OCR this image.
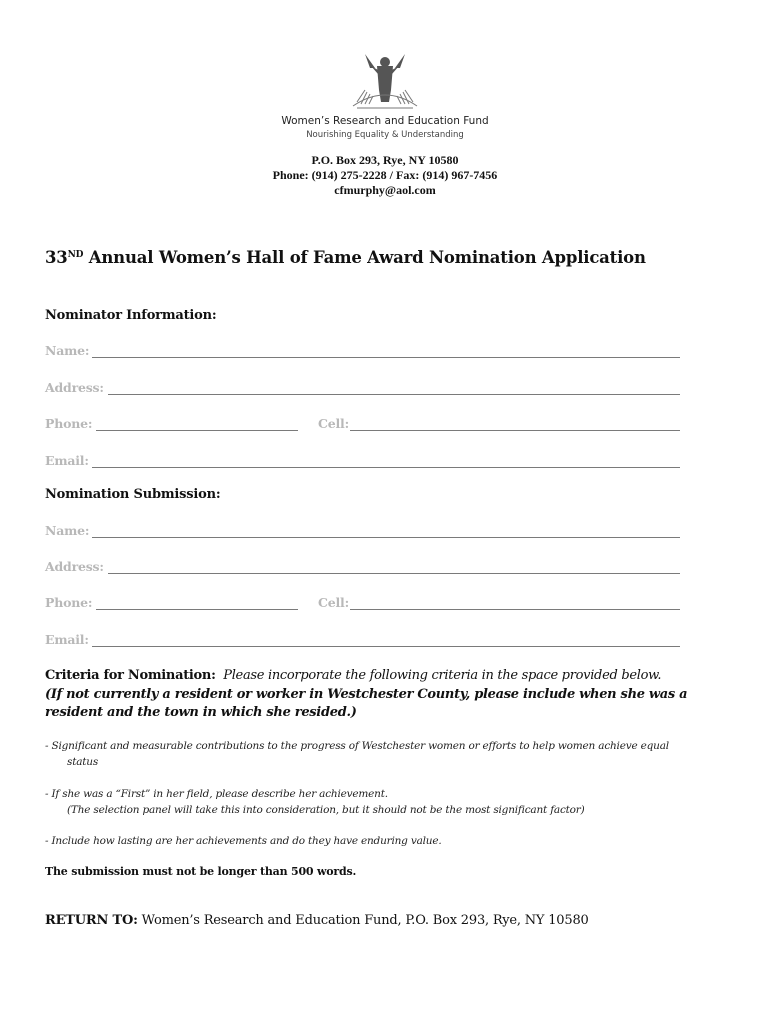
Women’s Research and Education Fund
Nourishing Equality & Understanding
P.O. Box 293, Rye, NY 10580
Phone: (914) 275-2228 / Fax: (914) 967-7456
cfmurphy@aol.com
33ND Annual Women’s Hall of Fame Award Nomination Application
Nominator Information:
Name:
Address:
Phone:	Cell:
Email:
Nomination Submission:
Name:
Address:
Phone:	Cell:
Email:
Criteria for Nomination: Please incorporate the following criteria in the space provided below.
(If not currently a resident or worker in Westchester County, please include when she was a resident and the town in which she resided.)
- Significant and measurable contributions to the progress of Westchester women or efforts to help women achieve equal
status
- If she was a “First” in her field, please describe her achievement.
(The selection panel will take this into consideration, but it should not be the most significant factor)
- Include how lasting are her achievements and do they have enduring value.
The submission must not be longer than 500 words.
RETURN TO: Women’s Research and Education Fund, P.O. Box 293, Rye, NY 10580
